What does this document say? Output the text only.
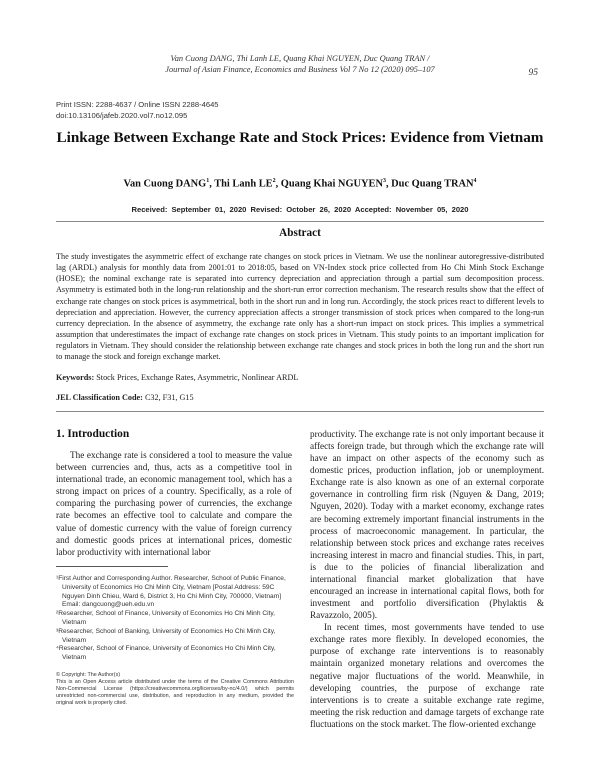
Van Cuong DANG, Thi Lanh LE, Quang Khai NGUYEN, Duc Quang TRAN /
Journal of Asian Finance, Economics and Business Vol 7 No 12 (2020) 095–107	95
Print ISSN: 2288-4637 / Online ISSN 2288-4645
doi:10.13106/jafeb.2020.vol7.no12.095
Linkage Between Exchange Rate and Stock Prices: Evidence from Vietnam
Van Cuong DANG$^1$, Thi Lanh $LE^2$, Quang Khai NGUYEN$^3$, Duc Quang TRAN$^4$
Received: September 01, 2020 Revised: October 26, 2020 Accepted: November 05, 2020
Abstract
The study investigates the asymmetric effect of exchange rate changes on stock prices in Vietnam. We use the nonlinear autoregressive-distributed lag (ARDL) analysis for monthly data from 2001:01 to 2018:05, based on VN-Index stock price collected from Ho Chi Minh Stock Exchange (HOSE); the nominal exchange rate is separated into currency depreciation and appreciation through a partial sum decomposition process. Asymmetry is estimated both in the long-run relationship and the short-run error correction mechanism. The research results show that the effect of exchange rate changes on stock prices is asymmetrical, both in the short run and in long run. Accordingly, the stock prices react to different levels to depreciation and appreciation. However, the currency appreciation affects a stronger transmission of stock prices when compared to the long-run currency depreciation. In the absence of asymmetry, the exchange rate only has a short-run impact on stock prices. This implies a symmetrical assumption that underestimates the impact of exchange rate changes on stock prices in Vietnam. This study points to an important implication for regulators in Vietnam. They should consider the relationship between exchange rate changes and stock prices in both the long run and the short run to manage the stock and foreign exchange market.
Keywords: Stock Prices, Exchange Rates, Asymmetric, Nonlinear ARDL
JEL Classification Code: C32, F31, G15
1. Introduction
The exchange rate is considered a tool to measure the value between currencies and, thus, acts as a competitive tool in international trade, an economic management tool, which has a strong impact on prices of a country. Specifically, as a role of comparing the purchasing power of currencies, the exchange rate becomes an effective tool to calculate and compare the value of domestic currency with the value of foreign currency and domestic goods prices at international prices, domestic labor productivity with international labor

productivity. The exchange rate is not only important because it affects foreign trade, but through which the exchange rate will have an impact on other aspects of the economy such as domestic prices, production inflation, job or unemployment. Exchange rate is also known as one of an external corporate governance in controlling firm risk (Nguyen & Dang, 2019; Nguyen, 2020). Today with a market economy, exchange rates are becoming extremely important financial instruments in the process of macroeconomic management. In particular, the relationship between stock prices and exchange rates receives increasing interest in macro and financial studies. This, in part, is due to the policies of financial liberalization and international financial market globalization that have encouraged an increase in international capital flows, both for investment and portfolio diversification (Phylaktis & Ravazzolo, 2005).

In recent times, most governments have tended to use exchange rates more flexibly. In developed economies, the purpose of exchange rate interventions is to reasonably maintain organized monetary relations and overcomes the negative major fluctuations of the world. Meanwhile, in developing countries, the purpose of exchange rate interventions is to create a suitable exchange rate regime, meeting the risk reduction and damage targets of exchange rate fluctuations on the stock market. The flow-oriented exchange

¹First Author and Corresponding Author. Researcher, School of Public Finance, University of Economics Ho Chi Minh City, Vietnam [Postal Address: 59C Nguyen Dinh Chieu, Ward 6, District 3, Ho Chi Minh City, 700000, Vietnam] Email: dangcuong@ueh.edu.vn

²Researcher, School of Finance, University of Economics Ho Chi Minh City, Vietnam

³Researcher, School of Banking, University of Economics Ho Chi Minh City, Vietnam

⁴Researcher, School of Finance, University of Economics Ho Chi Minh City, Vietnam

© Copyright: The Author(s)

This is an Open Access article distributed under the terms of the Creative Commons Attribution Non-Commercial License (https://creativecommons.org/licenses/by-nc/4.0/) which permits unrestricted non-commercial use, distribution, and reproduction in any medium, provided the original work is properly cited.
